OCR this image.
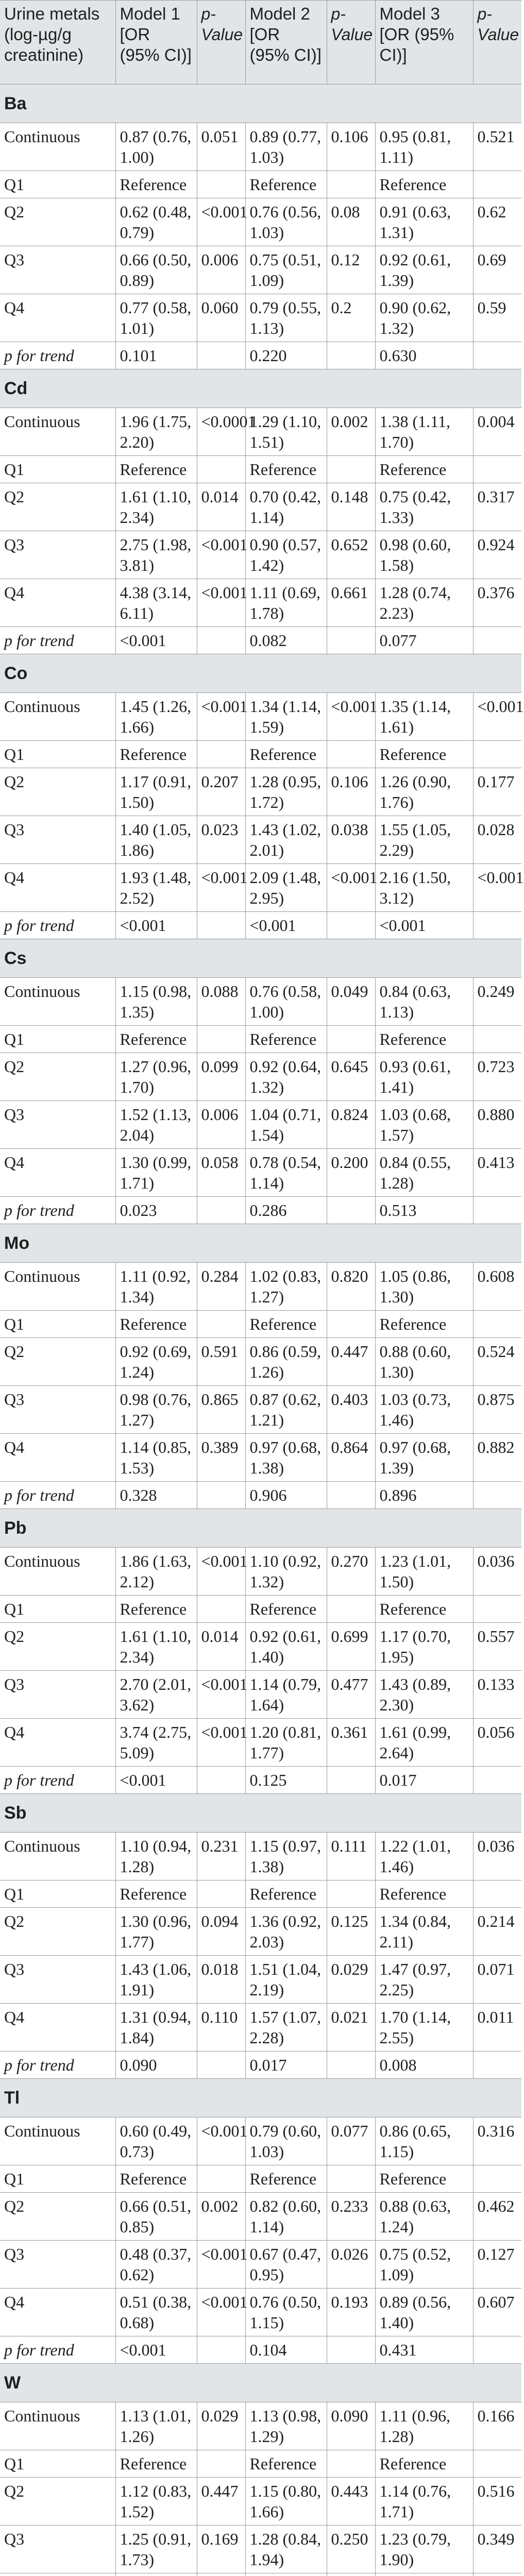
Urine metals (log-µg/g creatinine)	Model 1 [OR (95% CI)]	p-Value	Model 2 [OR (95% CI)]	p-Value	Model 3 [OR (95% CI)]	p-Value
Ba						
Continuous	0.87 (0.76, 1.00)	0.051	0.89 (0.77, 1.03)	0.106	0.95 (0.81, 1.11)	0.521
Q1	Reference		Reference		Reference	
Q2	0.62 (0.48, 0.79)	<0.001	0.76 (0.56, 1.03)	0.08	0.91 (0.63, 1.31)	0.62
Q3	0.66 (0.50, 0.89)	0.006	0.75 (0.51, 1.09)	0.12	0.92 (0.61, 1.39)	0.69
Q4	0.77 (0.58, 1.01)	0.060	0.79 (0.55, 1.13)	0.2	0.90 (0.62, 1.32)	0.59
p for trend	0.101		0.220		0.630	
Cd						
Continuous	1.96 (1.75, 2.20)	<0.0001	1.29 (1.10, 1.51)	0.002	1.38 (1.11, 1.70)	0.004
Q1	Reference		Reference		Reference	
Q2	1.61 (1.10, 2.34)	0.014	0.70 (0.42, 1.14)	0.148	0.75 (0.42, 1.33)	0.317
Q3	2.75 (1.98, 3.81)	<0.001	0.90 (0.57, 1.42)	0.652	0.98 (0.60, 1.58)	0.924
Q4	4.38 (3.14, 6.11)	<0.001	1.11 (0.69, 1.78)	0.661	1.28 (0.74, 2.23)	0.376
p for trend	<0.001		0.082		0.077	
Co						
Continuous	1.45 (1.26, 1.66)	<0.001	1.34 (1.14, 1.59)	<0.001	1.35 (1.14, 1.61)	<0.001
Q1	Reference		Reference		Reference	
Q2	1.17 (0.91, 1.50)	0.207	1.28 (0.95, 1.72)	0.106	1.26 (0.90, 1.76)	0.177
Q3	1.40 (1.05, 1.86)	0.023	1.43 (1.02, 2.01)	0.038	1.55 (1.05, 2.29)	0.028
Q4	1.93 (1.48, 2.52)	<0.001	2.09 (1.48, 2.95)	<0.001	2.16 (1.50, 3.12)	<0.001
p for trend	<0.001		<0.001		<0.001	
Cs						
Continuous	1.15 (0.98, 1.35)	0.088	0.76 (0.58, 1.00)	0.049	0.84 (0.63, 1.13)	0.249
Q1	Reference		Reference		Reference	
Q2	1.27 (0.96, 1.70)	0.099	0.92 (0.64, 1.32)	0.645	0.93 (0.61, 1.41)	0.723
Q3	1.52 (1.13, 2.04)	0.006	1.04 (0.71, 1.54)	0.824	1.03 (0.68, 1.57)	0.880
Q4	1.30 (0.99, 1.71)	0.058	0.78 (0.54, 1.14)	0.200	0.84 (0.55, 1.28)	0.413
p for trend	0.023		0.286		0.513	
Mo						
Continuous	1.11 (0.92, 1.34)	0.284	1.02 (0.83, 1.27)	0.820	1.05 (0.86, 1.30)	0.608
Q1	Reference		Reference		Reference	
Q2	0.92 (0.69, 1.24)	0.591	0.86 (0.59, 1.26)	0.447	0.88 (0.60, 1.30)	0.524
Q3	0.98 (0.76, 1.27)	0.865	0.87 (0.62, 1.21)	0.403	1.03 (0.73, 1.46)	0.875
Q4	1.14 (0.85, 1.53)	0.389	0.97 (0.68, 1.38)	0.864	0.97 (0.68, 1.39)	0.882
p for trend	0.328		0.906		0.896	
Pb						
Continuous	1.86 (1.63, 2.12)	<0.001	1.10 (0.92, 1.32)	0.270	1.23 (1.01, 1.50)	0.036
Q1	Reference		Reference		Reference	
Q2	1.61 (1.10, 2.34)	0.014	0.92 (0.61, 1.40)	0.699	1.17 (0.70, 1.95)	0.557
Q3	2.70 (2.01, 3.62)	<0.001	1.14 (0.79, 1.64)	0.477	1.43 (0.89, 2.30)	0.133
Q4	3.74 (2.75, 5.09)	<0.001	1.20 (0.81, 1.77)	0.361	1.61 (0.99, 2.64)	0.056
p for trend	<0.001		0.125		0.017	
Sb						
Continuous	1.10 (0.94, 1.28)	0.231	1.15 (0.97, 1.38)	0.111	1.22 (1.01, 1.46)	0.036
Q1	Reference		Reference		Reference	
Q2	1.30 (0.96, 1.77)	0.094	1.36 (0.92, 2.03)	0.125	1.34 (0.84, 2.11)	0.214
Q3	1.43 (1.06, 1.91)	0.018	1.51 (1.04, 2.19)	0.029	1.47 (0.97, 2.25)	0.071
Q4	1.31 (0.94, 1.84)	0.110	1.57 (1.07, 2.28)	0.021	1.70 (1.14, 2.55)	0.011
p for trend	0.090		0.017		0.008	
Tl						
Continuous	0.60 (0.49, 0.73)	<0.001	0.79 (0.60, 1.03)	0.077	0.86 (0.65, 1.15)	0.316
Q1	Reference		Reference		Reference	
Q2	0.66 (0.51, 0.85)	0.002	0.82 (0.60, 1.14)	0.233	0.88 (0.63, 1.24)	0.462
Q3	0.48 (0.37, 0.62)	<0.001	0.67 (0.47, 0.95)	0.026	0.75 (0.52, 1.09)	0.127
Q4	0.51 (0.38, 0.68)	<0.001	0.76 (0.50, 1.15)	0.193	0.89 (0.56, 1.40)	0.607
p for trend	<0.001		0.104		0.431	
W						
Continuous	1.13 (1.01, 1.26)	0.029	1.13 (0.98, 1.29)	0.090	1.11 (0.96, 1.28)	0.166
Q1	Reference		Reference		Reference	
Q2	1.12 (0.83, 1.52)	0.447	1.15 (0.80, 1.66)	0.443	1.14 (0.76, 1.71)	0.516
Q3	1.25 (0.91, 1.73)	0.169	1.28 (0.84, 1.94)	0.250	1.23 (0.79, 1.90)	0.349
